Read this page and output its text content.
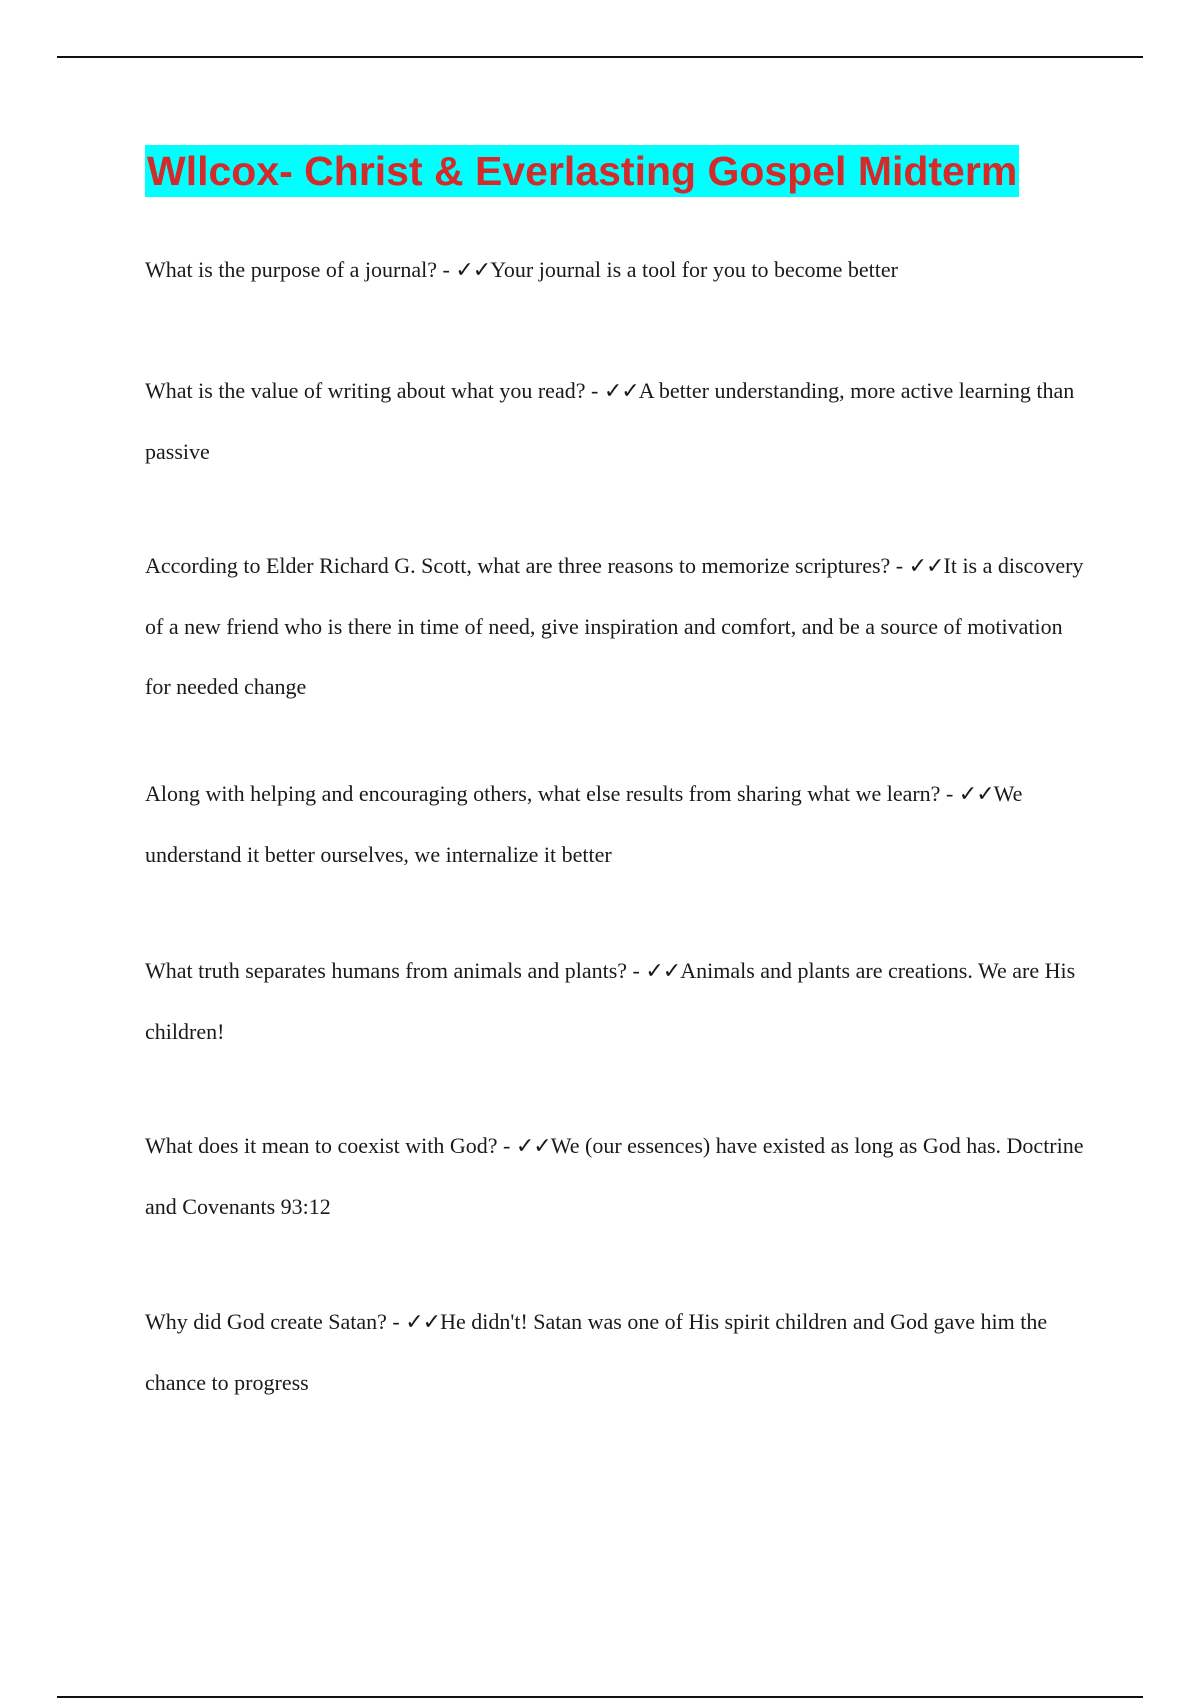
Wllcox- Christ & Everlasting Gospel Midterm

What is the purpose of a journal? - ✓✓Your journal is a tool for you to become better

What is the value of writing about what you read? - ✓✓A better understanding, more active learning than passive

According to Elder Richard G. Scott, what are three reasons to memorize scriptures? - ✓✓It is a discovery of a new friend who is there in time of need, give inspiration and comfort, and be a source of motivation for needed change

Along with helping and encouraging others, what else results from sharing what we learn? - ✓✓We understand it better ourselves, we internalize it better

What truth separates humans from animals and plants? - ✓✓Animals and plants are creations. We are His children!

What does it mean to coexist with God? - ✓✓We (our essences) have existed as long as God has. Doctrine and Covenants 93:12

Why did God create Satan? - ✓✓He didn't! Satan was one of His spirit children and God gave him the chance to progress
